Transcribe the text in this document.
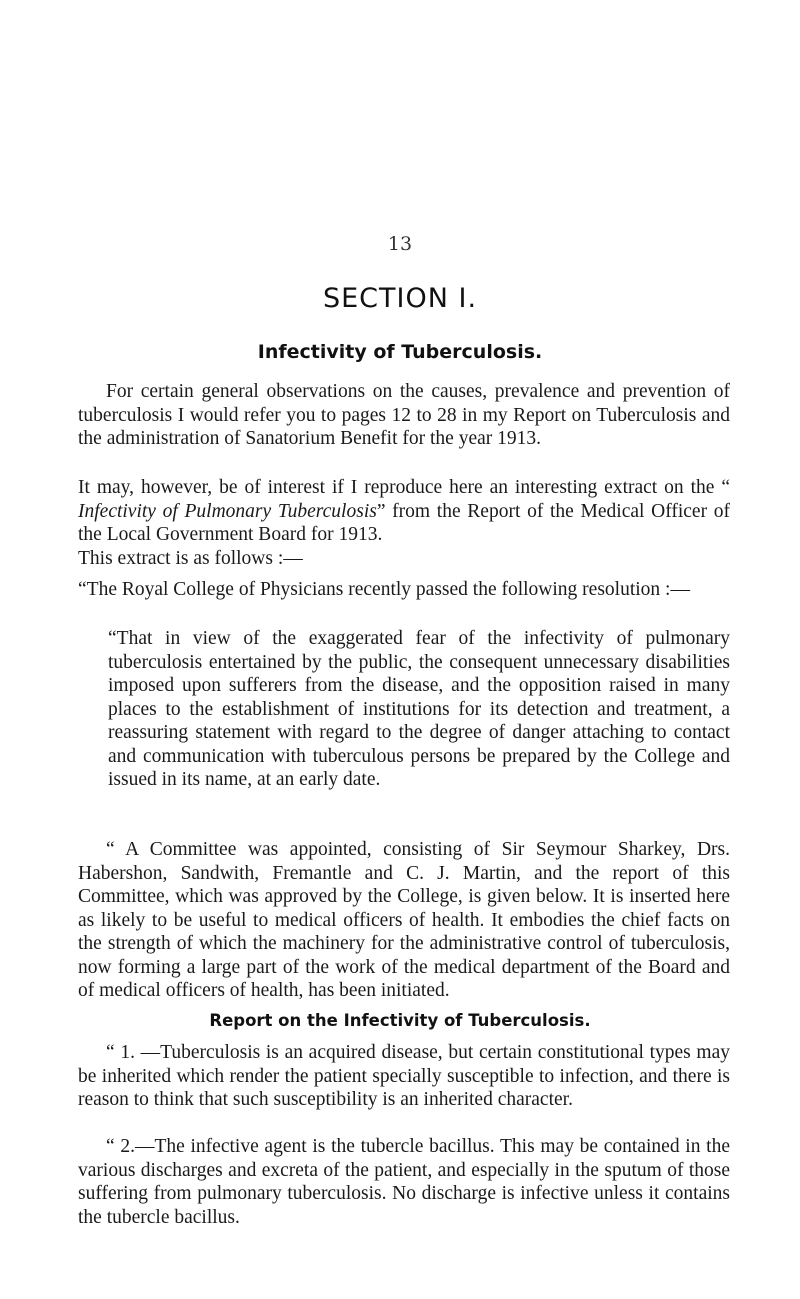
13
SECTION I.
Infectivity of Tuberculosis.

For certain general observations on the causes, prevalence and prevention of tuberculosis I would refer you to pages 12 to 28 in my Report on Tuberculosis and the administration of Sanatorium Benefit for the year 1913.

It may, however, be of interest if I reproduce here an interesting extract on the “ Infectivity of Pulmonary Tuberculosis” from the Report of the Medical Officer of the Local Government Board for 1913.

This extract is as follows :—

“The Royal College of Physicians recently passed the following resolution :—

“That in view of the exaggerated fear of the infectivity of pulmonary tuberculosis entertained by the public, the consequent unnecessary disabilities imposed upon sufferers from the disease, and the opposition raised in many places to the establishment of institutions for its detection and treatment, a reassuring statement with regard to the degree of danger attaching to contact and communication with tuberculous persons be prepared by the College and issued in its name, at an early date.

“ A Committee was appointed, consisting of Sir Seymour Sharkey, Drs. Habershon, Sandwith, Fremantle and C. J. Martin, and the report of this Committee, which was approved by the College, is given below. It is inserted here as likely to be useful to medical officers of health. It embodies the chief facts on the strength of which the machinery for the administrative control of tuberculosis, now forming a large part of the work of the medical department of the Board and of medical officers of health, has been initiated.

Report on the Infectivity of Tuberculosis.

“ 1. —Tuberculosis is an acquired disease, but certain constitutional types may be inherited which render the patient specially susceptible to infection, and there is reason to think that such susceptibility is an inherited character.

“ 2.—The infective agent is the tubercle bacillus. This may be contained in the various discharges and excreta of the patient, and especially in the sputum of those suffering from pulmonary tuberculosis. No discharge is infective unless it contains the tubercle bacillus.
